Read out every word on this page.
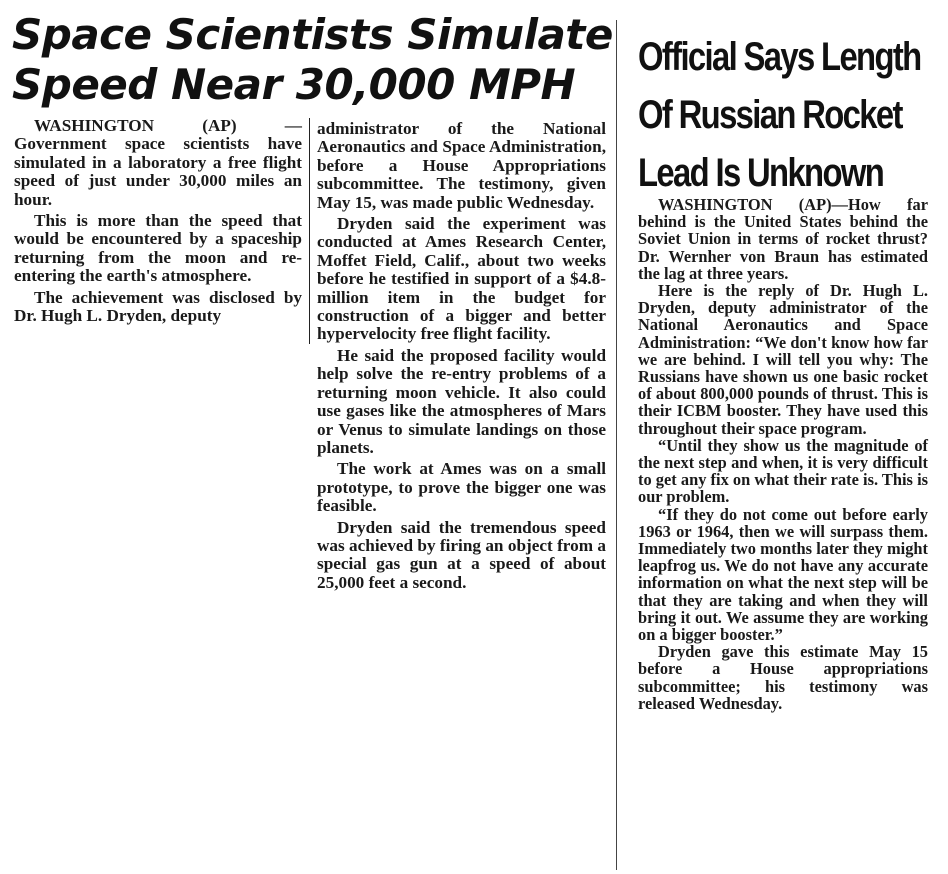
Space Scientists Simulate
Speed Near 30,000 MPH

WASHINGTON (AP) — Government space scientists have simulated in a laboratory a free flight speed of just under 30,000 miles an hour.

This is more than the speed that would be encountered by a spaceship returning from the moon and re-entering the earth's atmosphere.

The achievement was disclosed by Dr. Hugh L. Dryden, deputy

administrator of the National Aeronautics and Space Administration, before a House Appropriations subcommittee. The testimony, given May 15, was made public Wednesday.

Dryden said the experiment was conducted at Ames Research Center, Moffet Field, Calif., about two weeks before he testified in support of a $4.8-million item in the budget for construction of a bigger and better hypervelocity free flight facility.

He said the proposed facility would help solve the re-entry problems of a returning moon vehicle. It also could use gases like the atmospheres of Mars or Venus to simulate landings on those planets.

The work at Ames was on a small prototype, to prove the bigger one was feasible.

Dryden said the tremendous speed was achieved by firing an object from a special gas gun at a speed of about 25,000 feet a second.

Official Says Length
Of Russian Rocket
Lead Is Unknown

WASHINGTON (AP)—How far behind is the United States behind the Soviet Union in terms of rocket thrust? Dr. Wernher von Braun has estimated the lag at three years.

Here is the reply of Dr. Hugh L. Dryden, deputy administrator of the National Aeronautics and Space Administration: “We don't know how far we are behind. I will tell you why: The Russians have shown us one basic rocket of about 800,000 pounds of thrust. This is their ICBM booster. They have used this throughout their space program.

“Until they show us the magnitude of the next step and when, it is very difficult to get any fix on what their rate is. This is our problem.

“If they do not come out before early 1963 or 1964, then we will surpass them. Immediately two months later they might leapfrog us. We do not have any accurate information on what the next step will be that they are taking and when they will bring it out. We assume they are working on a bigger booster.”

Dryden gave this estimate May 15 before a House appropriations subcommittee; his testimony was released Wednesday.
